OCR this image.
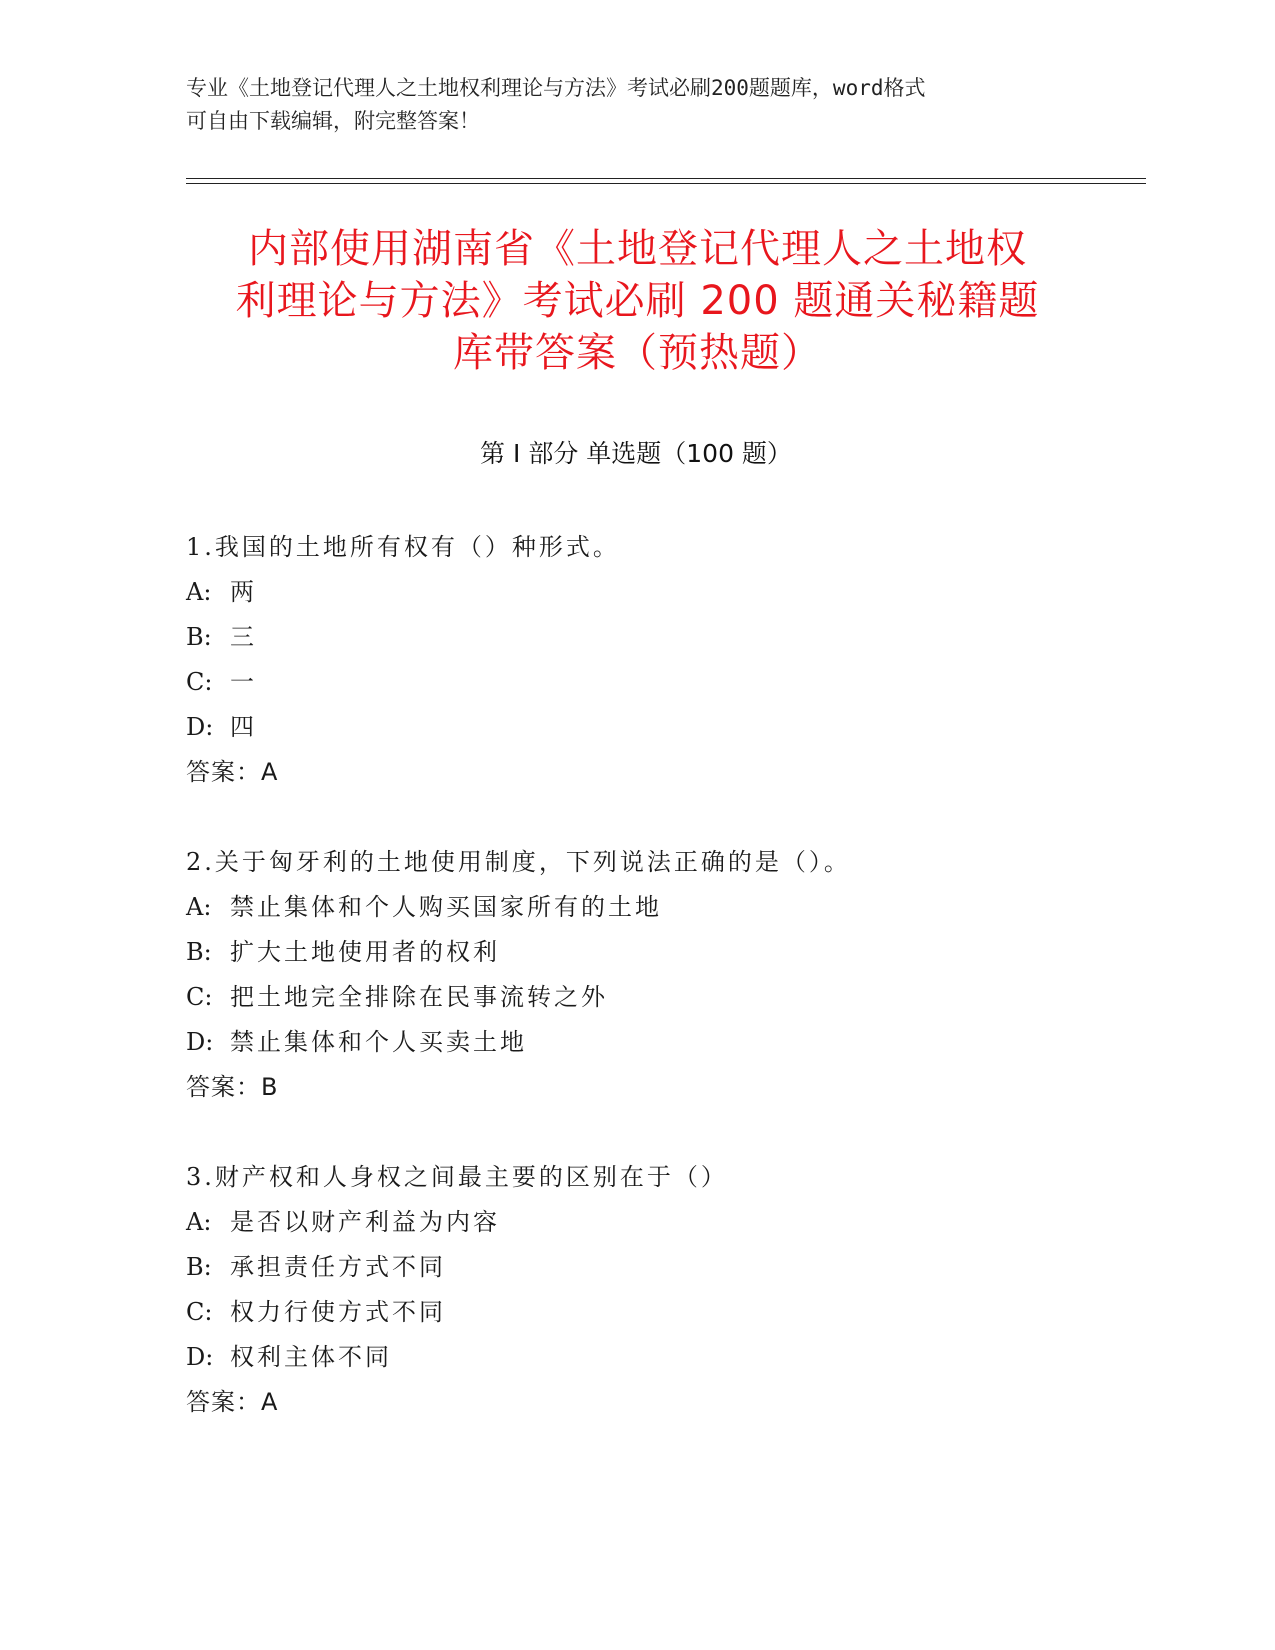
专业《土地登记代理人之土地权利理论与方法》考试必刷200题题库，word格式
可自由下载编辑，附完整答案！
内部使用湖南省《土地登记代理人之土地权
利理论与方法》考试必刷 200 题通关秘籍题
库带答案（预热题）
第 I 部分 单选题（100 题）
1.我国的土地所有权有（）种形式。
A: 两
B: 三
C: 一
D: 四
答案：A
2.关于匈牙利的土地使用制度，下列说法正确的是（）。
A: 禁止集体和个人购买国家所有的土地
B: 扩大土地使用者的权利
C: 把土地完全排除在民事流转之外
D: 禁止集体和个人买卖土地
答案：B
3.财产权和人身权之间最主要的区别在于（）
A: 是否以财产利益为内容
B: 承担责任方式不同
C: 权力行使方式不同
D: 权利主体不同
答案：A
